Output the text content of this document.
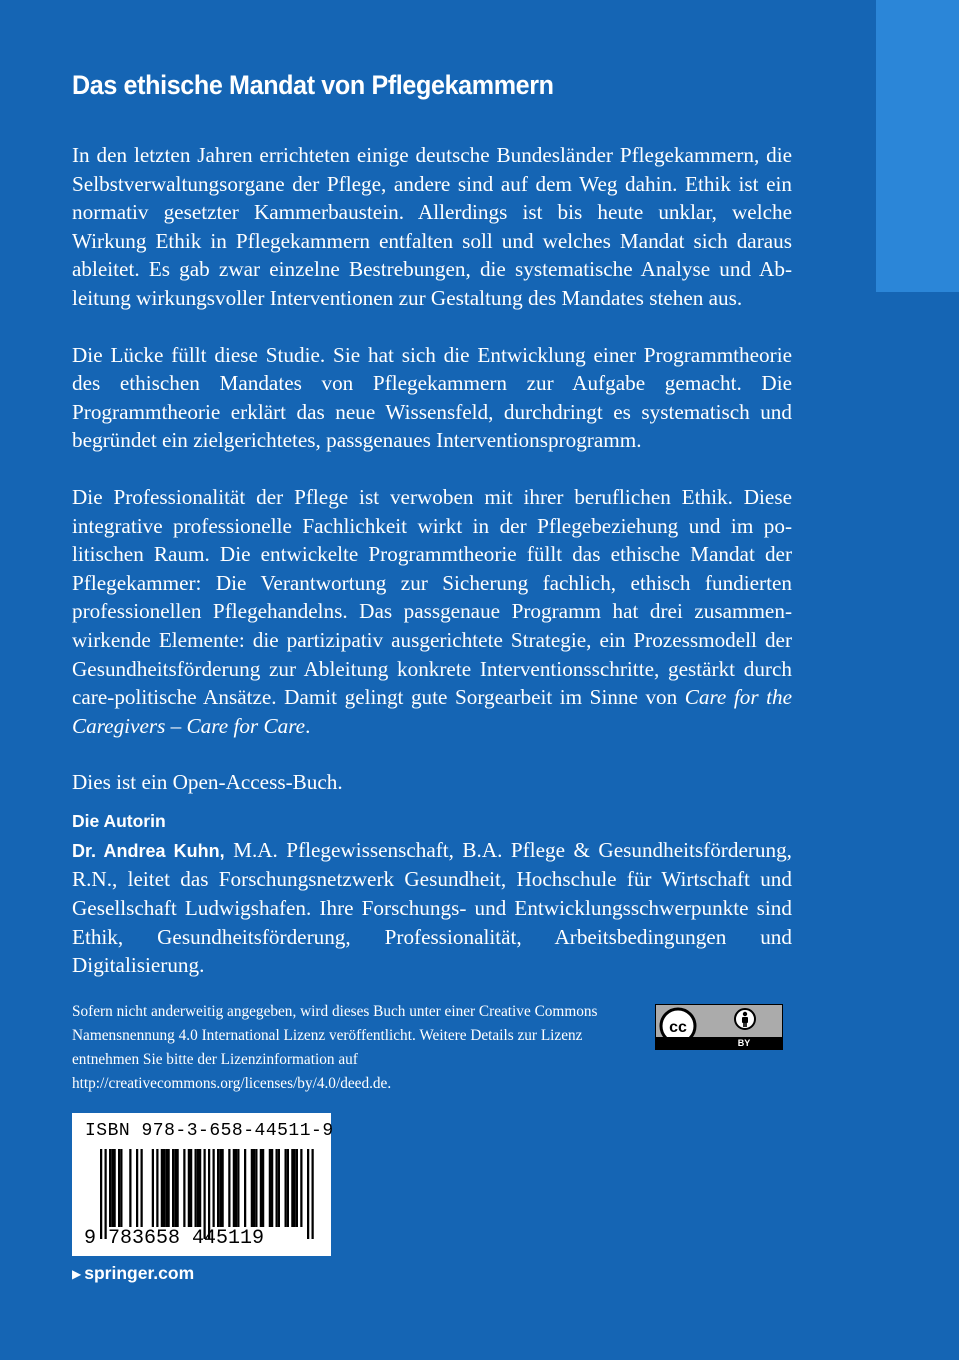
Das ethische Mandat von Pflegekammern

In den letzten Jahren errichteten einige deutsche Bundesländer Pflegekammern, die Selbstverwaltungsorgane der Pflege, andere sind auf dem Weg dahin. Ethik ist ein normativ gesetzter Kammerbaustein. Allerdings ist bis heute unklar, welche Wirkung Ethik in Pflegekammern entfalten soll und welches Mandat sich daraus ableitet. Es gab zwar einzelne Bestrebungen, die systematische Analyse und Ableitung wirkungsvoller Interventionen zur Gestaltung des Mandates stehen aus.

Die Lücke füllt diese Studie. Sie hat sich die Entwicklung einer Programmtheorie des ethischen Mandates von Pflegekammern zur Aufgabe gemacht. Die Programmtheorie erklärt das neue Wissensfeld, durchdringt es systematisch und begründet ein zielgerichtetes, passgenaues Interventionsprogramm.

Die Professionalität der Pflege ist verwoben mit ihrer beruflichen Ethik. Diese integrative professionelle Fachlichkeit wirkt in der Pflegebeziehung und im politischen Raum. Die entwickelte Programmtheorie füllt das ethische Mandat der Pflegekammer: Die Verantwortung zur Sicherung fachlich, ethisch fundierten professionellen Pflegehandelns. Das passgenaue Programm hat drei zusammenwirkende Elemente: die partizipativ ausgerichtete Strategie, ein Prozessmodell der Gesundheitsförderung zur Ableitung konkrete Interventionsschritte, gestärkt durch care-politische Ansätze. Damit gelingt gute Sorgearbeit im Sinne von Care for the Caregivers – Care for Care.

Dies ist ein Open-Access-Buch.

Die Autorin

Dr. Andrea Kuhn, M.A. Pflegewissenschaft, B.A. Pflege & Gesundheitsförderung, R.N., leitet das Forschungsnetzwerk Gesundheit, Hochschule für Wirtschaft und Gesellschaft Ludwigshafen. Ihre Forschungs- und Entwicklungsschwerpunkte sind Ethik, Gesundheitsförderung, Professionalität, Arbeitsbedingungen und Digitalisierung.

Sofern nicht anderweitig angegeben, wird dieses Buch unter einer Creative Commons Namensnennung 4.0 International Lizenz veröffentlicht. Weitere Details zur Lizenz entnehmen Sie bitte der Lizenzinformation auf http://creativecommons.org/licenses/by/4.0/deed.de.
cc
BY
ISBN 978-3-658-44511-9
9 783658 445119
▶ springer.com
